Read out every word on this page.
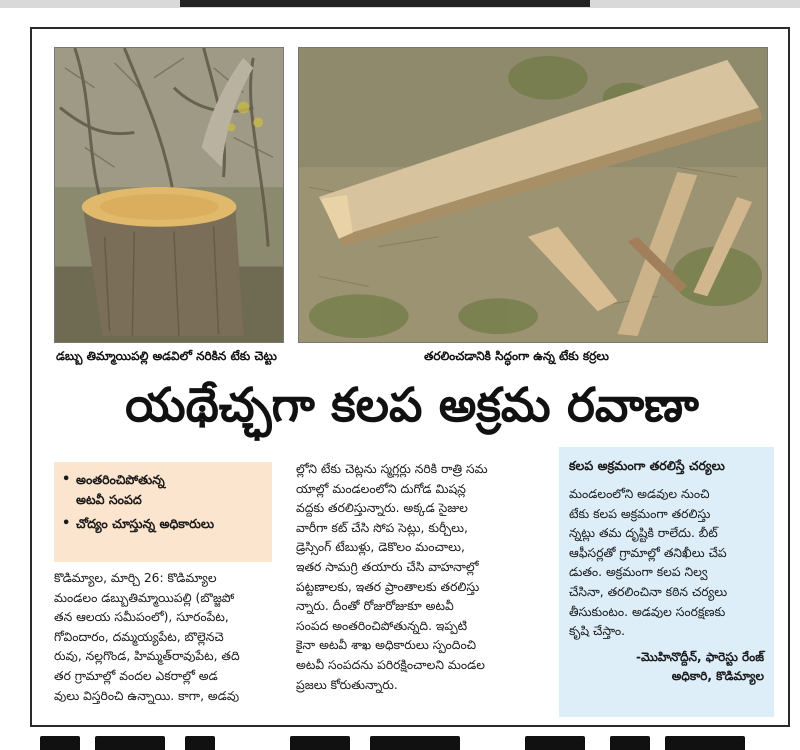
డబ్బు తిమ్మాయిపల్లి అడవిలో నరికిన టేకు చెట్టు	తరలించడానికి సిద్ధంగా ఉన్న టేకు కర్రలు
యథేచ్ఛగా కలప అక్రమ రవాణా
• అంతరించిపోతున్న
అటవీ సంపద
• చోద్యం చూస్తున్న అధికారులు
కొడిమ్యాల, మార్చి 26: కొడిమ్యాల
మండలం డబ్బుతిమ్మాయిపల్లి (బొజ్జపో
తన ఆలయ సమీపంలో), సూరంపేట,
గోవిందారం, దమ్మయ్యపేట, బొల్లెనచె
రువు, నల్లగొండ, హిమ్మత్‌రావుపేట, తది
తర గ్రామాల్లో వందల ఎకరాల్లో అడ
వులు విస్తరించి ఉన్నాయి. కాగా, అడవు
ల్లోని టేకు చెట్లను స్మగ్లర్లు నరికి రాత్రి సమ
యాల్లో మండలంలోని దుగోడ మిషన్ల
వద్దకు తరలిస్తున్నారు. అక్కడ సైజుల
వారీగా కట్ చేసి సోప సెట్లు, కుర్చీలు,
డ్రెస్సింగ్ టేబుళ్లు, డెకొలం మంచాలు,
ఇతర సామగ్రి తయారు చేసి వాహనాల్లో
పట్టణాలకు, ఇతర ప్రాంతాలకు తరలిస్తు
న్నారు. దీంతో రోజురోజుకూ అటవీ
సంపద అంతరించిపోతున్నది. ఇప్పటి
కైనా అటవీ శాఖ అధికారులు స్పందించి
అటవీ సంపదను పరిరక్షించాలని మండల
ప్రజలు కోరుతున్నారు.
కలప అక్రమంగా తరలిస్తే చర్యలు
మండలంలోని అడవుల నుంచి
టేకు కలప అక్రమంగా తరలిస్తు
న్నట్లు తమ దృష్టికి రాలేదు. బీట్
ఆఫీసర్లతో గ్రామాల్లో తనిఖీలు చేప
డుతం. అక్రమంగా కలప నిల్వ
చేసినా, తరలించినా కఠిన చర్యలు
తీసుకుంటం. అడవుల సంరక్షణకు
కృషి చేస్తాం.
-మొహినొద్దీన్, ఫారెస్టు రేంజ్
అధికారి, కొడిమ్యాల
